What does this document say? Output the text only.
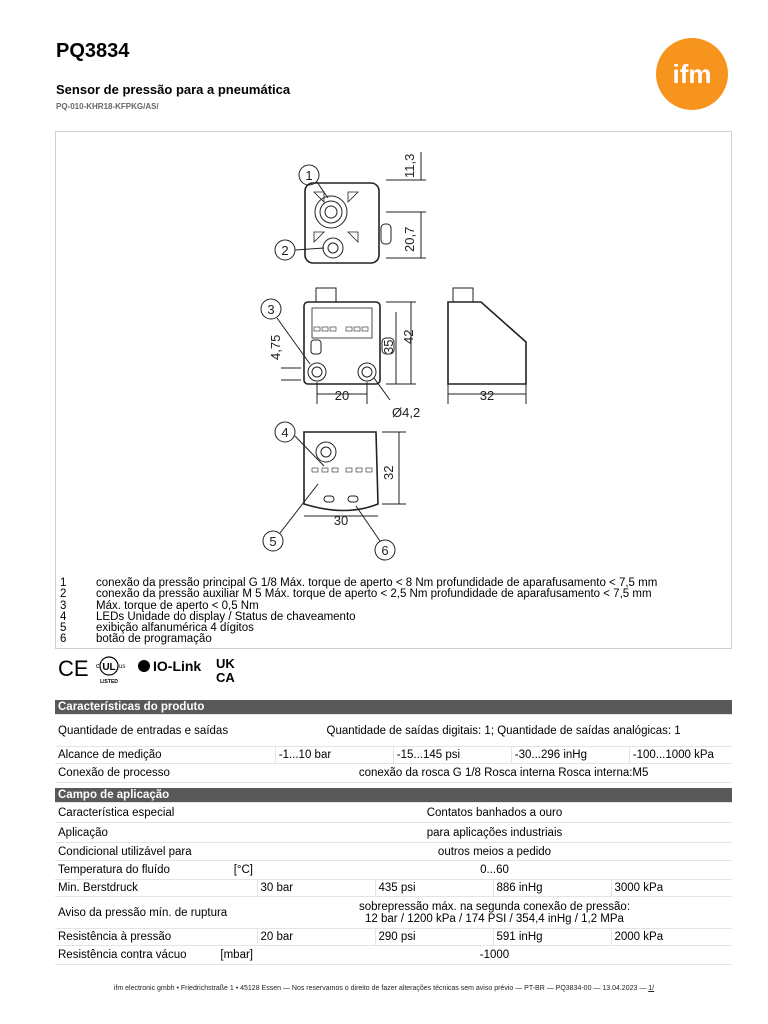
PQ3834
Sensor de pressão para a pneumática
PQ-010-KHR18-KFPKG/AS/
ifm
11,3
20,7
20
Ø4,2
4,75	35
42
32
30
32
1
2
3
4
5
6
1	conexão da pressão principal G 1/8 Máx. torque de aperto < 8 Nm profundidade de aparafusamento < 7,5 mm
2	conexão da pressão auxiliar M 5 Máx. torque de aperto < 2,5 Nm profundidade de aparafusamento < 7,5 mm
3	Máx. torque de aperto < 0,5 Nm
4	LEDs Unidade do display / Status de chaveamento
5	exibição alfanumérica 4 dígitos
6	botão de programação
CE c UL us
LISTED
IO-Link UK
CA
Características do produto				
Quantidade de entradas e saídas	Quantidade de saídas digitais: 1; Quantidade de saídas analógicas: 1			
Alcance de medição	-1...10 bar	-15...145 psi	-30...296 inHg	-100...1000 kPa
Conexão de processo	conexão da rosca G 1/8 Rosca interna Rosca interna:M5			
Campo de aplicação					
Característica especial		Contatos banhados a ouro			
Aplicação		para aplicações industriais			
Condicional utilizável para		outros meios a pedido			
Temperatura do fluído	[°C]	0...60			
Min. Berstdruck		30 bar	435 psi	886 inHg	3000 kPa
Aviso da pressão mín. de ruptura		sobrepressão máx. na segunda conexão de pressão:
12 bar / 1200 kPa / 174 PSI / 354,4 inHg / 1,2 MPa			

Resistência à pressão		20 bar	290 psi	591 inHg	2000 kPa
Resistência contra vácuo	[mbar]	-1000			
ifm electronic gmbh • Friedrichstraße 1 • 45128 Essen — Nos reservamos o direito de fazer alterações técnicas sem aviso prévio — PT-BR — PQ3834-00 — 13.04.2023 — 1/
